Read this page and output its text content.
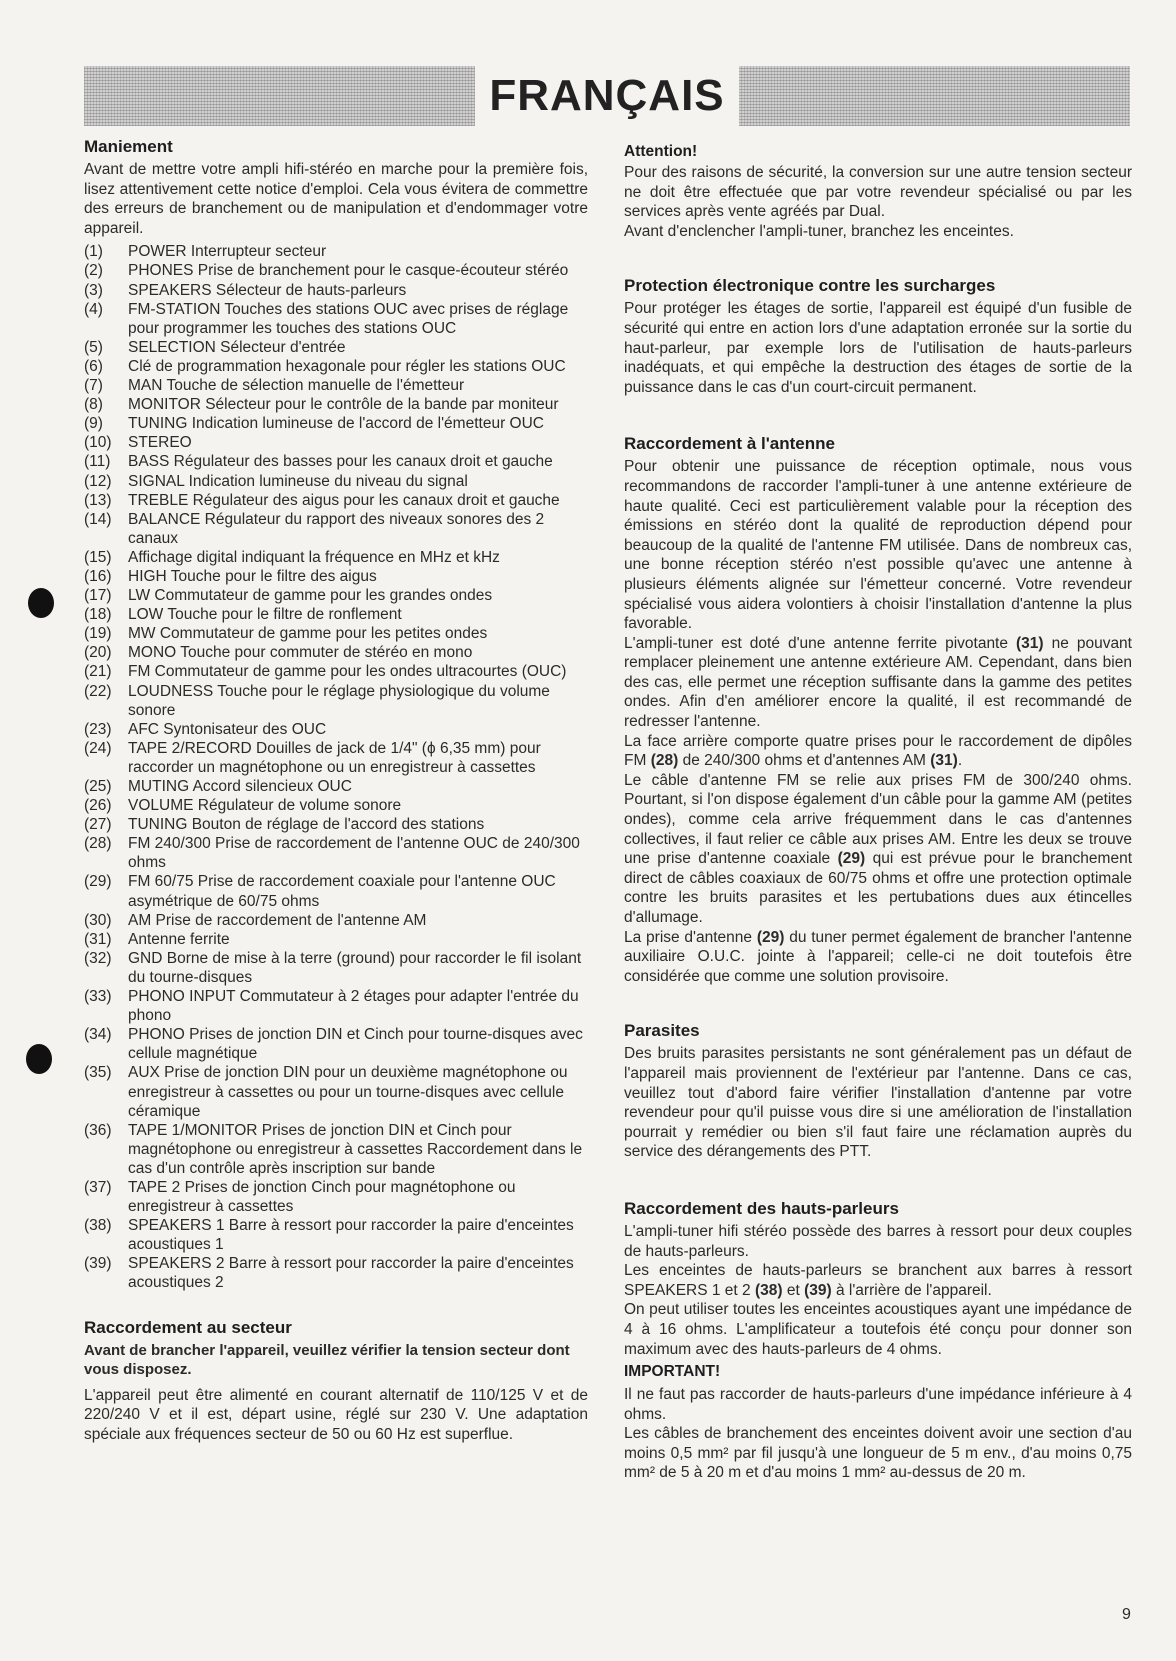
FRANÇAIS
Maniement

Avant de mettre votre ampli hifi-stéréo en marche pour la première fois, lisez attentivement cette notice d'emploi. Cela vous évitera de commettre des erreurs de branchement ou de manipulation et d'endommager votre appareil.

(1)	POWER Interrupteur secteur
(2)	PHONES Prise de branchement pour le casque-écouteur stéréo
(3)	SPEAKERS Sélecteur de hauts-parleurs
(4)	FM-STATION Touches des stations OUC avec prises de réglage pour programmer les touches des stations OUC
(5)	SELECTION Sélecteur d'entrée
(6)	Clé de programmation hexagonale pour régler les stations OUC
(7)	MAN Touche de sélection manuelle de l'émetteur
(8)	MONITOR Sélecteur pour le contrôle de la bande par moniteur
(9)	TUNING Indication lumineuse de l'accord de l'émetteur OUC
(10)	STEREO
(11)	BASS Régulateur des basses pour les canaux droit et gauche
(12)	SIGNAL Indication lumineuse du niveau du signal
(13)	TREBLE Régulateur des aigus pour les canaux droit et gauche
(14)	BALANCE Régulateur du rapport des niveaux sonores des 2 canaux
(15)	Affichage digital indiquant la fréquence en MHz et kHz
(16)	HIGH Touche pour le filtre des aigus
(17)	LW Commutateur de gamme pour les grandes ondes
(18)	LOW Touche pour le filtre de ronflement
(19)	MW Commutateur de gamme pour les petites ondes
(20)	MONO Touche pour commuter de stéréo en mono
(21)	FM Commutateur de gamme pour les ondes ultracourtes (OUC)
(22)	LOUDNESS Touche pour le réglage physiologique du volume sonore
(23)	AFC Syntonisateur des OUC
(24)	TAPE 2/RECORD Douilles de jack de 1/4" (ϕ 6,35 mm) pour raccorder un magnétophone ou un enregistreur à cassettes
(25)	MUTING Accord silencieux OUC
(26)	VOLUME Régulateur de volume sonore
(27)	TUNING Bouton de réglage de l'accord des stations
(28)	FM 240/300 Prise de raccordement de l'antenne OUC de 240/300 ohms
(29)	FM 60/75 Prise de raccordement coaxiale pour l'antenne OUC asymétrique de 60/75 ohms
(30)	AM Prise de raccordement de l'antenne AM
(31)	Antenne ferrite
(32)	GND Borne de mise à la terre (ground) pour raccorder le fil isolant du tourne-disques
(33)	PHONO INPUT Commutateur à 2 étages pour adapter l'entrée du phono
(34)	PHONO Prises de jonction DIN et Cinch pour tourne-disques avec cellule magnétique
(35)	AUX Prise de jonction DIN pour un deuxième magnétophone ou enregistreur à cassettes ou pour un tourne-disques avec cellule céramique
(36)	TAPE 1/MONITOR Prises de jonction DIN et Cinch pour magnétophone ou enregistreur à cassettes Raccordement dans le cas d'un contrôle après inscription sur bande
(37)	TAPE 2 Prises de jonction Cinch pour magnétophone ou enregistreur à cassettes
(38)	SPEAKERS 1 Barre à ressort pour raccorder la paire d'enceintes acoustiques 1
(39)	SPEAKERS 2 Barre à ressort pour raccorder la paire d'enceintes acoustiques 2
Raccordement au secteur
Avant de brancher l'appareil, veuillez vérifier la tension secteur dont vous disposez.

L'appareil peut être alimenté en courant alternatif de 110/125 V et de 220/240 V et il est, départ usine, réglé sur 230 V. Une adaptation spéciale aux fréquences secteur de 50 ou 60 Hz est superflue.

Attention!

Pour des raisons de sécurité, la conversion sur une autre tension secteur ne doit être effectuée que par votre revendeur spécialisé ou par les services après vente agréés par Dual.

Avant d'enclencher l'ampli-tuner, branchez les enceintes.

Protection électronique contre les surcharges

Pour protéger les étages de sortie, l'appareil est équipé d'un fusible de sécurité qui entre en action lors d'une adaptation erronée sur la sortie du haut-parleur, par exemple lors de l'utilisation de hauts-parleurs inadéquats, et qui empêche la destruction des étages de sortie de la puissance dans le cas d'un court-circuit permanent.

Raccordement à l'antenne

Pour obtenir une puissance de réception optimale, nous vous recommandons de raccorder l'ampli-tuner à une antenne extérieure de haute qualité. Ceci est particulièrement valable pour la réception des émissions en stéréo dont la qualité de reproduction dépend pour beaucoup de la qualité de l'antenne FM utilisée. Dans de nombreux cas, une bonne réception stéréo n'est possible qu'avec une antenne à plusieurs éléments alignée sur l'émetteur concerné. Votre revendeur spécialisé vous aidera volontiers à choisir l'installation d'antenne la plus favorable.

L'ampli-tuner est doté d'une antenne ferrite pivotante (31) ne pouvant remplacer pleinement une antenne extérieure AM. Cependant, dans bien des cas, elle permet une réception suffisante dans la gamme des petites ondes. Afin d'en améliorer encore la qualité, il est recommandé de redresser l'antenne.

La face arrière comporte quatre prises pour le raccordement de dipôles FM (28) de 240/300 ohms et d'antennes AM (31).

Le câble d'antenne FM se relie aux prises FM de 300/240 ohms. Pourtant, si l'on dispose également d'un câble pour la gamme AM (petites ondes), comme cela arrive fréquemment dans le cas d'antennes collectives, il faut relier ce câble aux prises AM. Entre les deux se trouve une prise d'antenne coaxiale (29) qui est prévue pour le branchement direct de câbles coaxiaux de 60/75 ohms et offre une protection optimale contre les bruits parasites et les pertubations dues aux étincelles d'allumage.

La prise d'antenne (29) du tuner permet également de brancher l'antenne auxiliaire O.U.C. jointe à l'appareil; celle-ci ne doit toutefois être considérée que comme une solution provisoire.

Parasites

Des bruits parasites persistants ne sont généralement pas un défaut de l'appareil mais proviennent de l'extérieur par l'antenne. Dans ce cas, veuillez tout d'abord faire vérifier l'installation d'antenne par votre revendeur pour qu'il puisse vous dire si une amélioration de l'installation pourrait y remédier ou bien s'il faut faire une réclamation auprès du service des dérangements des PTT.

Raccordement des hauts-parleurs

L'ampli-tuner hifi stéréo possède des barres à ressort pour deux couples de hauts-parleurs.

Les enceintes de hauts-parleurs se branchent aux barres à ressort SPEAKERS 1 et 2 (38) et (39) à l'arrière de l'appareil.

On peut utiliser toutes les enceintes acoustiques ayant une impédance de 4 à 16 ohms. L'amplificateur a toutefois été conçu pour donner son maximum avec des hauts-parleurs de 4 ohms.

IMPORTANT!

Il ne faut pas raccorder de hauts-parleurs d'une impédance inférieure à 4 ohms.

Les câbles de branchement des enceintes doivent avoir une section d'au moins 0,5 mm² par fil jusqu'à une longueur de 5 m env., d'au moins 0,75 mm² de 5 à 20 m et d'au moins 1 mm² au-dessus de 20 m.

9
